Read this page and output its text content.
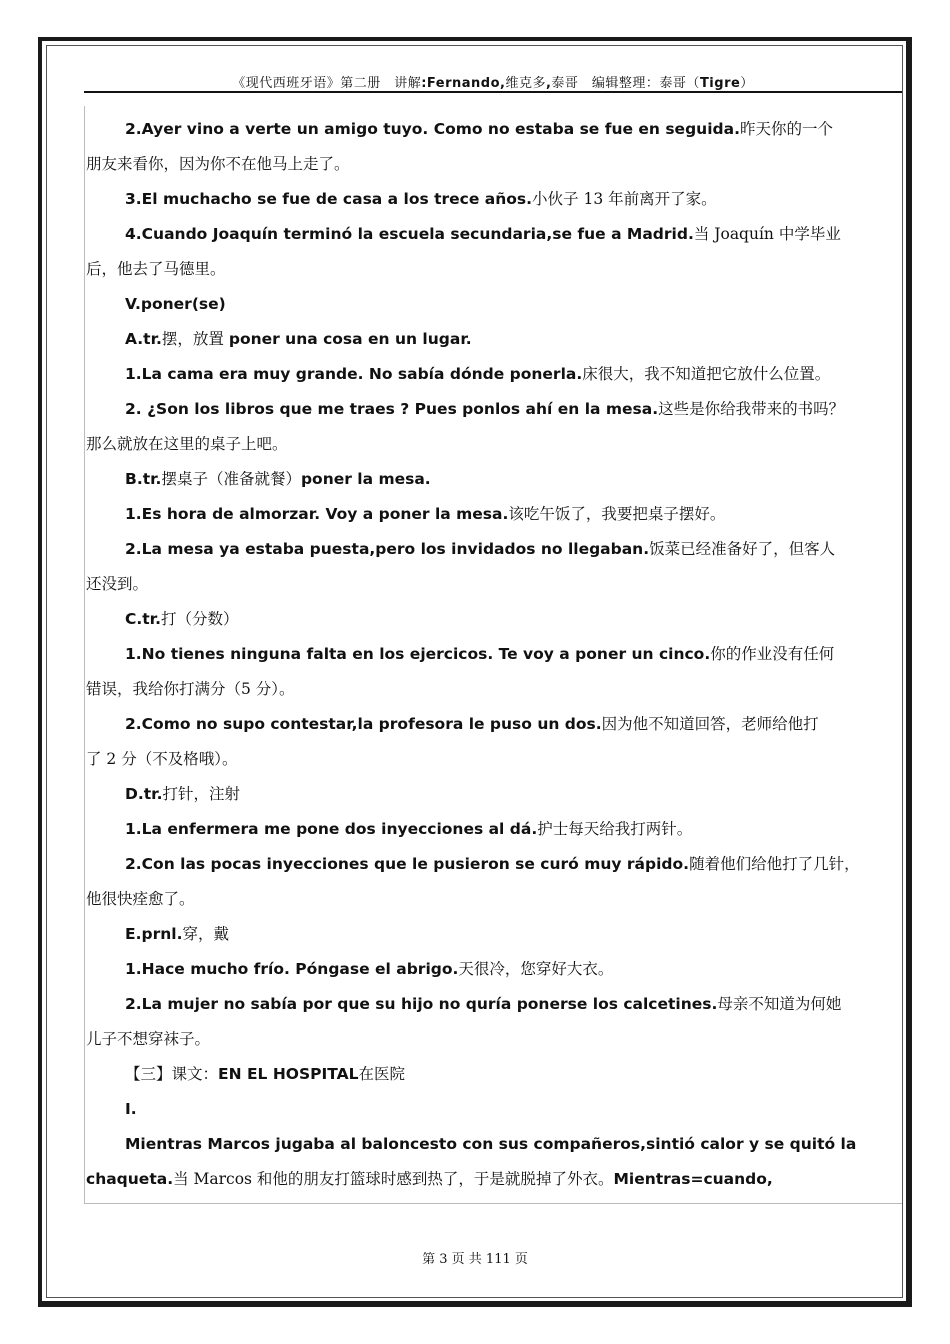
《现代西班牙语》第二册　讲解:Fernando,维克多,泰哥　编辑整理：泰哥（Tigre）
2.Ayer vino a verte un amigo tuyo. Como no estaba se fue en seguida.昨天你的一个
朋友来看你，因为你不在他马上走了。
3.El muchacho se fue de casa a los trece años.小伙子 13 年前离开了家。
4.Cuando Joaquín terminó la escuela secundaria,se fue a Madrid.当 Joaquín 中学毕业
后，他去了马德里。
V.poner(se)
A.tr.摆，放置 poner una cosa en un lugar.
1.La cama era muy grande. No sabía dónde ponerla.床很大，我不知道把它放什么位置。
2. ¿Son los libros que me traes ? Pues ponlos ahí en la mesa.这些是你给我带来的书吗？
那么就放在这里的桌子上吧。
B.tr.摆桌子（准备就餐）poner la mesa.
1.Es hora de almorzar. Voy a poner la mesa.该吃午饭了，我要把桌子摆好。
2.La mesa ya estaba puesta,pero los invidados no llegaban.饭菜已经准备好了，但客人
还没到。
C.tr.打（分数）
1.No tienes ninguna falta en los ejercicos. Te voy a poner un cinco.你的作业没有任何
错误，我给你打满分（5 分）。
2.Como no supo contestar,la profesora le puso un dos.因为他不知道回答，老师给他打
了 2 分（不及格哦）。
D.tr.打针，注射
1.La enfermera me pone dos inyecciones al dá.护士每天给我打两针。
2.Con las pocas inyecciones que le pusieron se curó muy rápido.随着他们给他打了几针，
他很快痊愈了。
E.prnl.穿，戴
1.Hace mucho frío. Póngase el abrigo.天很冷，您穿好大衣。
2.La mujer no sabía por que su hijo no quría ponerse los calcetines.母亲不知道为何她
儿子不想穿袜子。
【三】课文：EN EL HOSPITAL在医院
I.
Mientras Marcos jugaba al baloncesto con sus compañeros,sintió calor y se quitó la
chaqueta.当 Marcos 和他的朋友打篮球时感到热了，于是就脱掉了外衣。Mientras=cuando,
第 3 页 共 111 页
